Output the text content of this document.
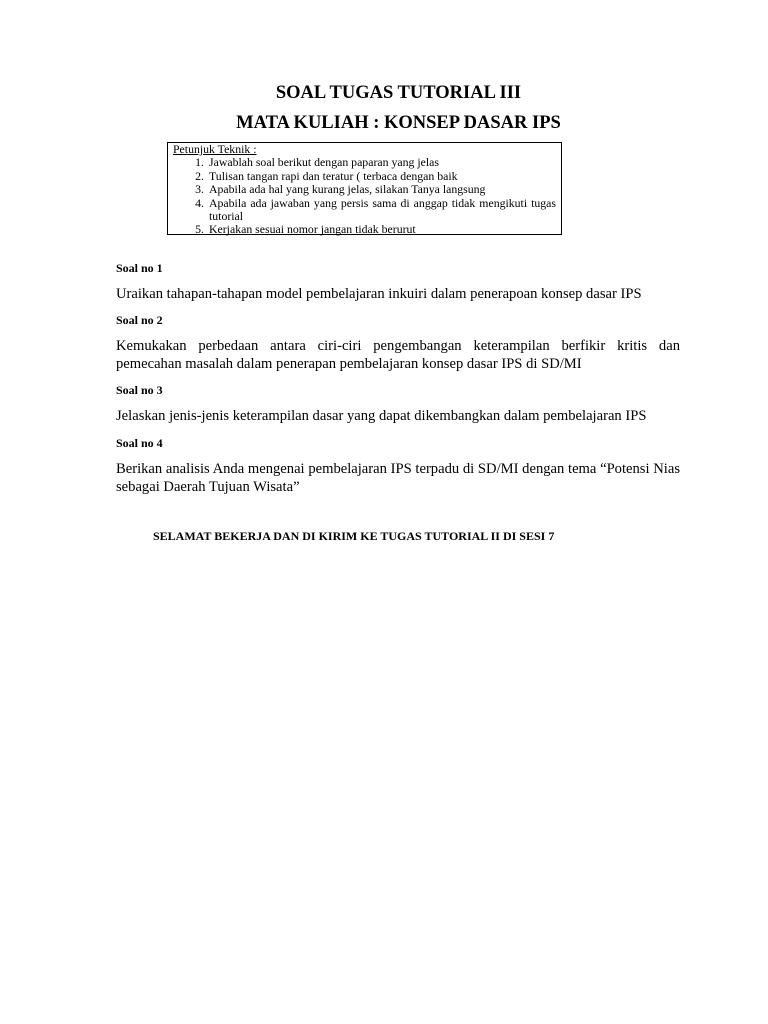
SOAL TUGAS TUTORIAL III
MATA KULIAH : KONSEP DASAR IPS

Petunjuk Teknik :

1. Jawablah soal berikut dengan paparan yang jelas
2. Tulisan tangan rapi dan teratur ( terbaca dengan baik
3. Apabila ada hal yang kurang jelas, silakan Tanya langsung
4. Apabila ada jawaban yang persis sama di anggap tidak mengikuti tugas tutorial
5. Kerjakan sesuai nomor jangan tidak berurut

Soal no 1

Uraikan tahapan-tahapan model pembelajaran inkuiri dalam penerapoan konsep dasar IPS

Soal no 2

Kemukakan perbedaan antara ciri-ciri pengembangan keterampilan berfikir kritis dan pemecahan masalah dalam penerapan pembelajaran konsep dasar IPS di SD/MI

Soal no 3

Jelaskan jenis-jenis keterampilan dasar yang dapat dikembangkan dalam pembelajaran IPS

Soal no 4

Berikan analisis Anda mengenai pembelajaran IPS terpadu di SD/MI dengan tema “Potensi Nias sebagai Daerah Tujuan Wisata”

SELAMAT BEKERJA DAN DI KIRIM KE TUGAS TUTORIAL II DI SESI 7
